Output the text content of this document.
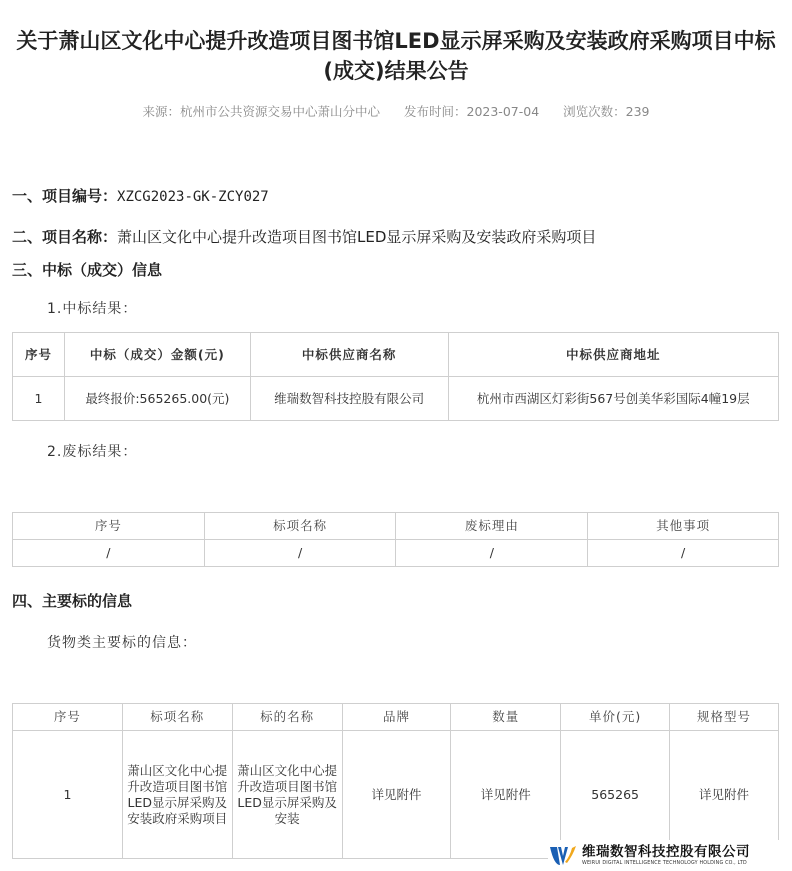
关于萧山区文化中心提升改造项目图书馆LED显示屏采购及安装政府采购项目中标(成交)结果公告
来源：杭州市公共资源交易中心萧山分中心 发布时间：2023-07-04 浏览次数：239
一、项目编号：XZCG2023-GK-ZCY027
二、项目名称：萧山区文化中心提升改造项目图书馆LED显示屏采购及安装政府采购项目
三、中标（成交）信息
1.中标结果：
序号	中标（成交）金额(元)	中标供应商名称	中标供应商地址
1	最终报价:565265.00(元)	维瑞数智科技控股有限公司	杭州市西湖区灯彩街567号创美华彩国际4幢19层
2.废标结果：
序号	标项名称	废标理由	其他事项
/	/	/	/
四、主要标的信息
货物类主要标的信息：
序号	标项名称	标的名称	品牌	数量	单价(元)	规格型号
1	萧山区文化中心提升改造项目图书馆LED显示屏采购及安装政府采购项目	萧山区文化中心提升改造项目图书馆LED显示屏采购及安装	详见附件	详见附件	565265	详见附件
维瑞数智科技控股有限公司
WEIRUI DIGITAL INTELLIGENCE TECHNOLOGY HOLDING CO., LTD
